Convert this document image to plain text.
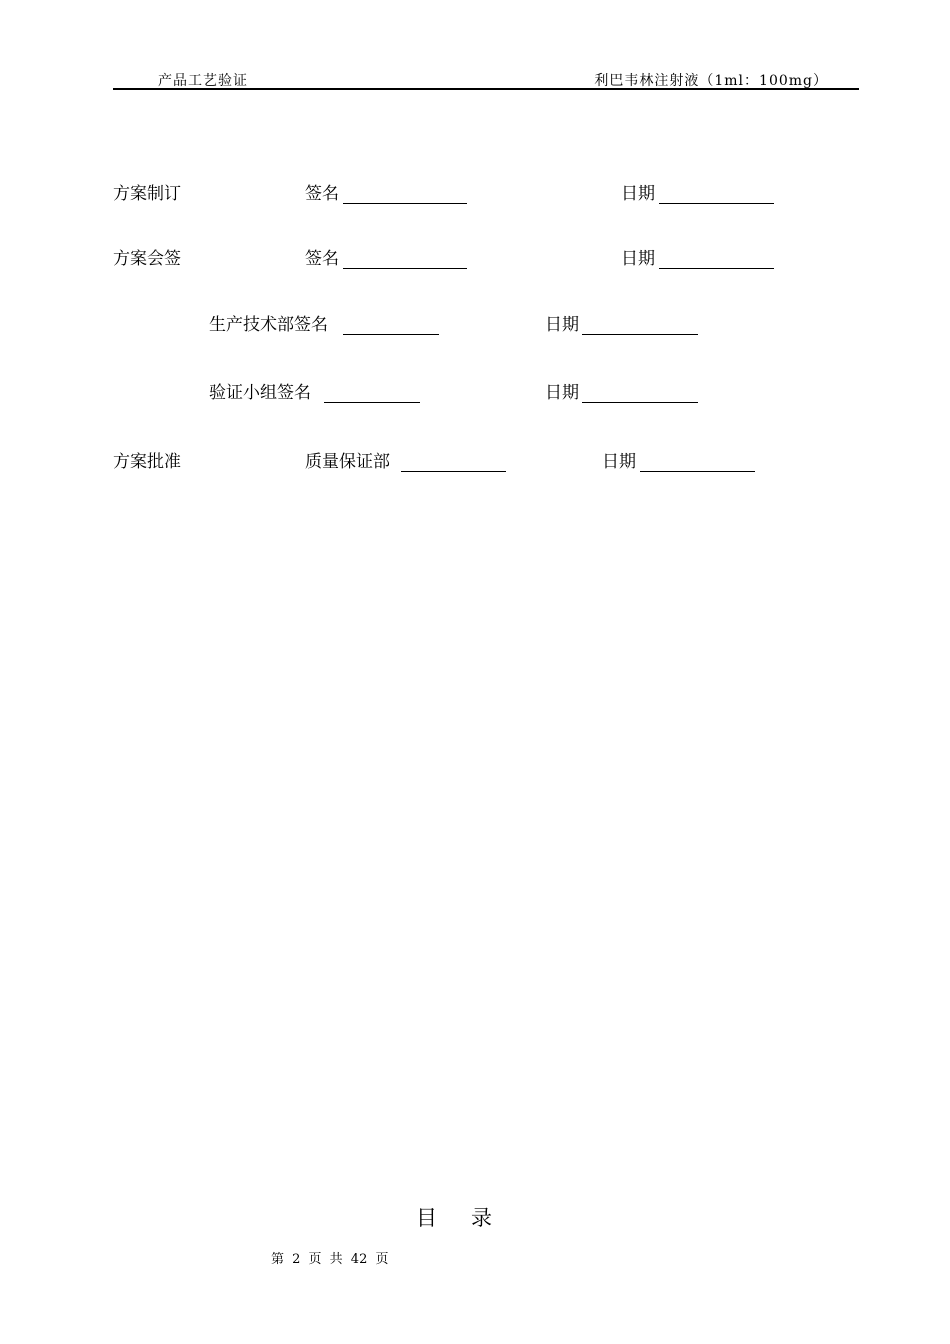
产品工艺验证	利巴韦林注射液（1ml：100mg）
方案制订	签名	日期
方案会签	签名	日期
生产技术部签名	日期
验证小组签名	日期
方案批准	质量保证部	日期
目 录
第 2 页 共 42 页
